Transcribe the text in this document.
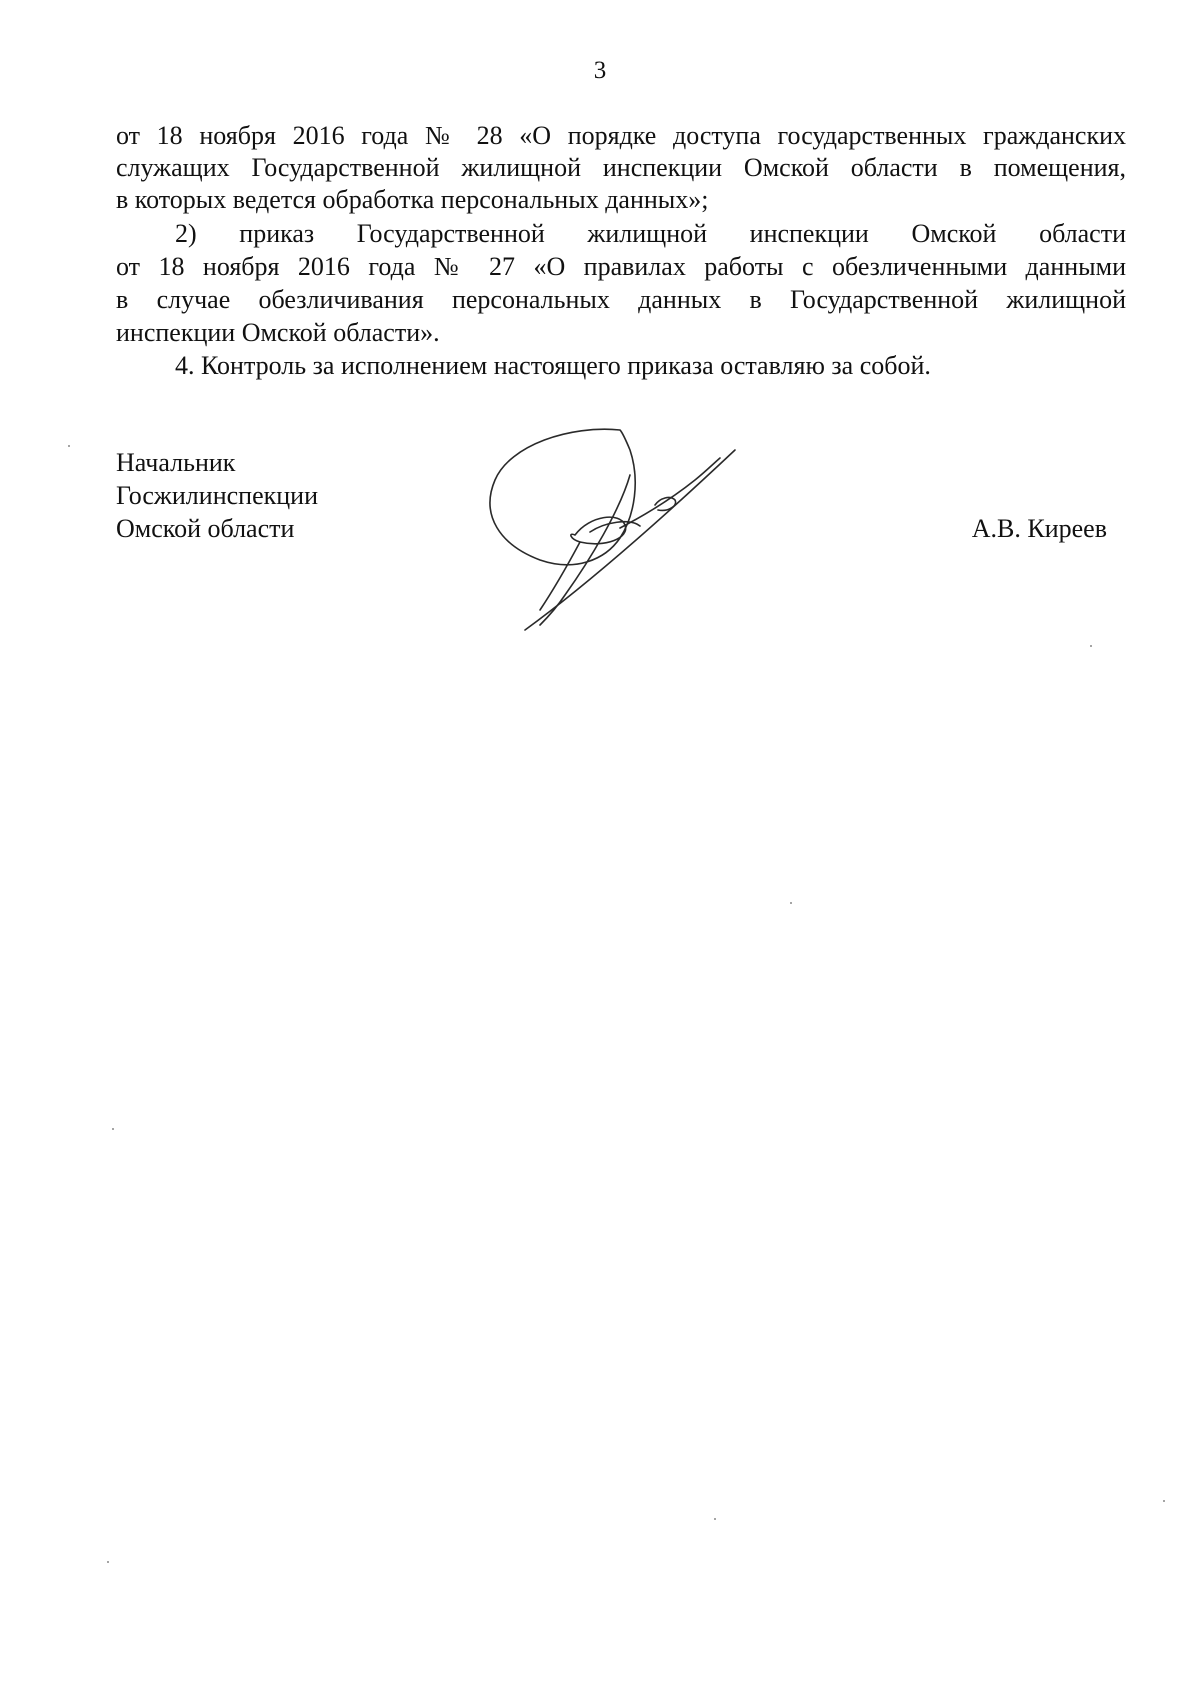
3
от 18 ноября 2016 года № 28 «О порядке доступа государственных гражданских
служащих Государственной жилищной инспекции Омской области в помещения,
в которых ведется обработка персональных данных»;
2) приказ Государственной жилищной инспекции Омской области
от 18 ноября 2016 года № 27 «О правилах работы с обезличенными данными
в случае обезличивания персональных данных в Государственной жилищной
инспекции Омской области».
4. Контроль за исполнением настоящего приказа оставляю за собой.
Начальник
Госжилинспекции
Омской области	А.В. Киреев
